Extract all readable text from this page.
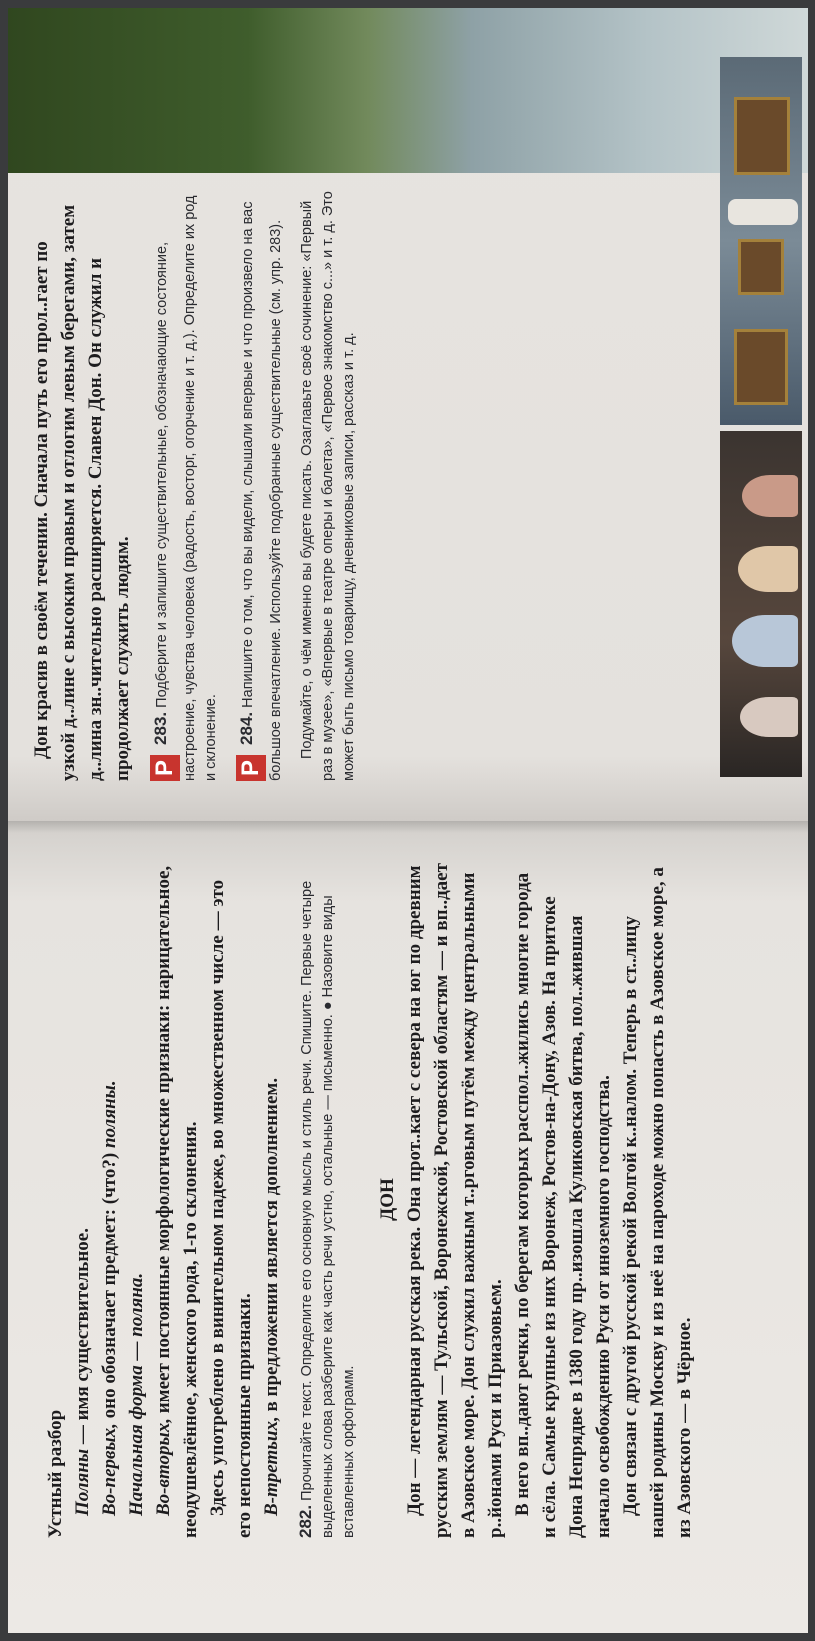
Устный разбор Поляны — имя существительное.

Во-первых, оно обозначает предмет: (что?) поляны.

Начальная форма — поляна.

Во-вторых, имеет постоянные морфологические признаки: нарицательное, неодушевлённое, женского рода, 1-го склонения. Здесь употреблено в винительном падеже, во множественном числе — это его непостоянные признаки. В-третьих, в предложении является дополнением.

282. Прочитайте текст. Определите его основную мысль и стиль речи. Спишите. Первые четыре выделенных слова разберите как часть речи устно, остальные — письменно. ● Назовите виды вставленных орфограмм.

ДОН Дон — легендарная русская река. Она прот..кает с севера на юг по древним русским землям — Тульской, Воронежской, Ростовской областям — и вп..дает в Азовское море. Дон служил важным т..рговым путём между центральными р..йонами Руси и Приазовьем. В него вп..дают речки, по берегам которых расспол..жились многие города и сёла. Самые крупные из них Воронеж, Ростов-на-Дону, Азов. На притоке Дона Непрядве в 1380 году пр..изошла Куликовская битва, пол..жившая начало освобождению Руси от иноземного господства. Дон связан с другой русской рекой Волгой к..налом. Теперь в ст..лицу нашей родины Москву и из неё на пароходе можно попасть в Азовское море, а из Азовского — в Чёрное.

Дон красив в своём течении. Сначала путь его прол..гает по узкой д..лине с высоким правым и отлогим левым берегами, затем д..лина зн..чительно расширяется. Славен Дон. Он служил и продолжает служить людям. Р 283. Подберите и запишите существительные, обозначающие состояние, настроение, чувства человека (радость, восторг, огорчение и т. д.). Определите их род и склонение. Р 284. Напишите о том, что вы видели, слышали впервые и что произвело на вас большое впечатление. Используйте подобранные существительные (см. упр. 283). Подумайте, о чём именно вы будете писать. Озаглавьте своё сочинение: «Первый раз в музее», «Впервые в театре оперы и балета», «Первое знакомство с...» и т. д. Это может быть письмо товарищу, дневниковые записи, рассказ и т. д.
